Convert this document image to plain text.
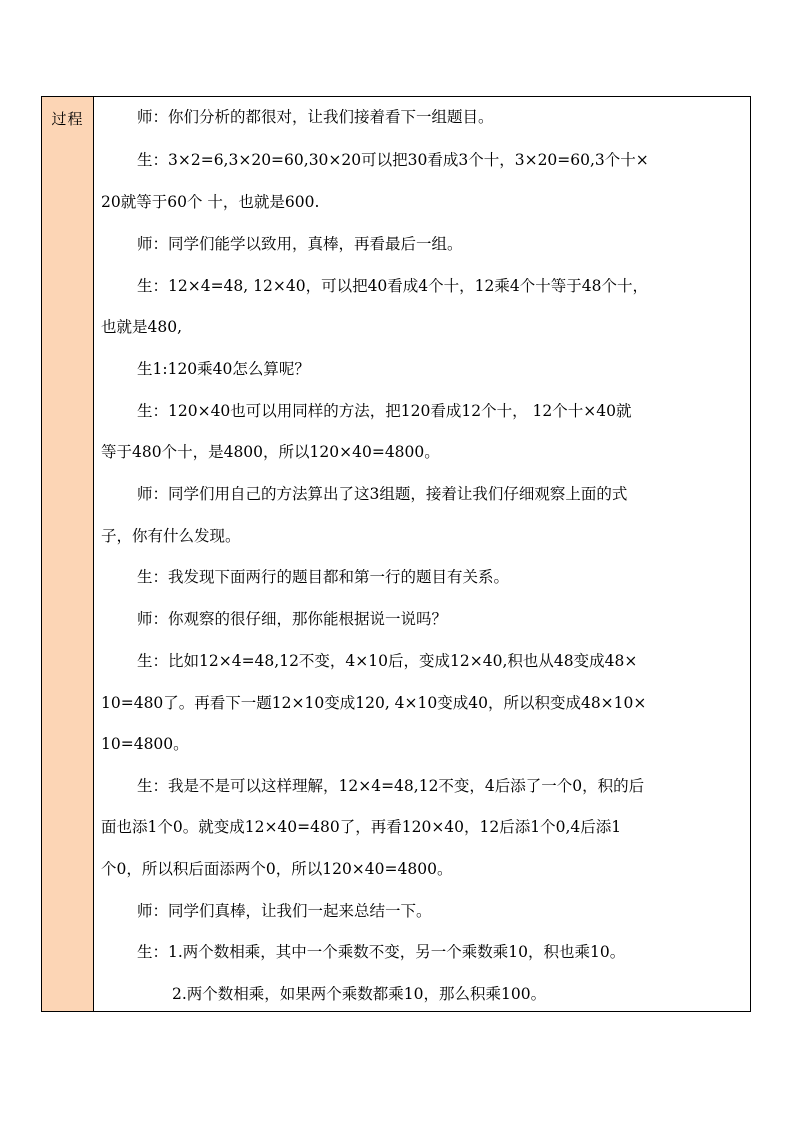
过程	师：你们分析的都很对，让我们接着看下一组题目。
生：3×2=6,3×20=60,30×20可以把30看成3个十，3×20=60,3个十×
20就等于60个 十，也就是600.
师：同学们能学以致用，真棒，再看最后一组。
生：12×4=48, 12×40，可以把40看成4个十，12乘4个十等于48个十，
也就是480,
生1:120乘40怎么算呢？
生：120×40也可以用同样的方法，把120看成12个十， 12个十×40就
等于480个十，是4800，所以120×40=4800。
师：同学们用自己的方法算出了这3组题，接着让我们仔细观察上面的式
子，你有什么发现。
生：我发现下面两行的题目都和第一行的题目有关系。
师：你观察的很仔细，那你能根据说一说吗？
生：比如12×4=48,12不变，4×10后，变成12×40,积也从48变成48×
10=480了。再看下一题12×10变成120, 4×10变成40，所以积变成48×10×
10=4800。
生：我是不是可以这样理解，12×4=48,12不变，4后添了一个0，积的后
面也添1个0。就变成12×40=480了，再看120×40，12后添1个0,4后添1
个0，所以积后面添两个0，所以120×40=4800。
师：同学们真棒，让我们一起来总结一下。
生：1.两个数相乘，其中一个乘数不变，另一个乘数乘10，积也乘10。
2.两个数相乘，如果两个乘数都乘10，那么积乘100。
